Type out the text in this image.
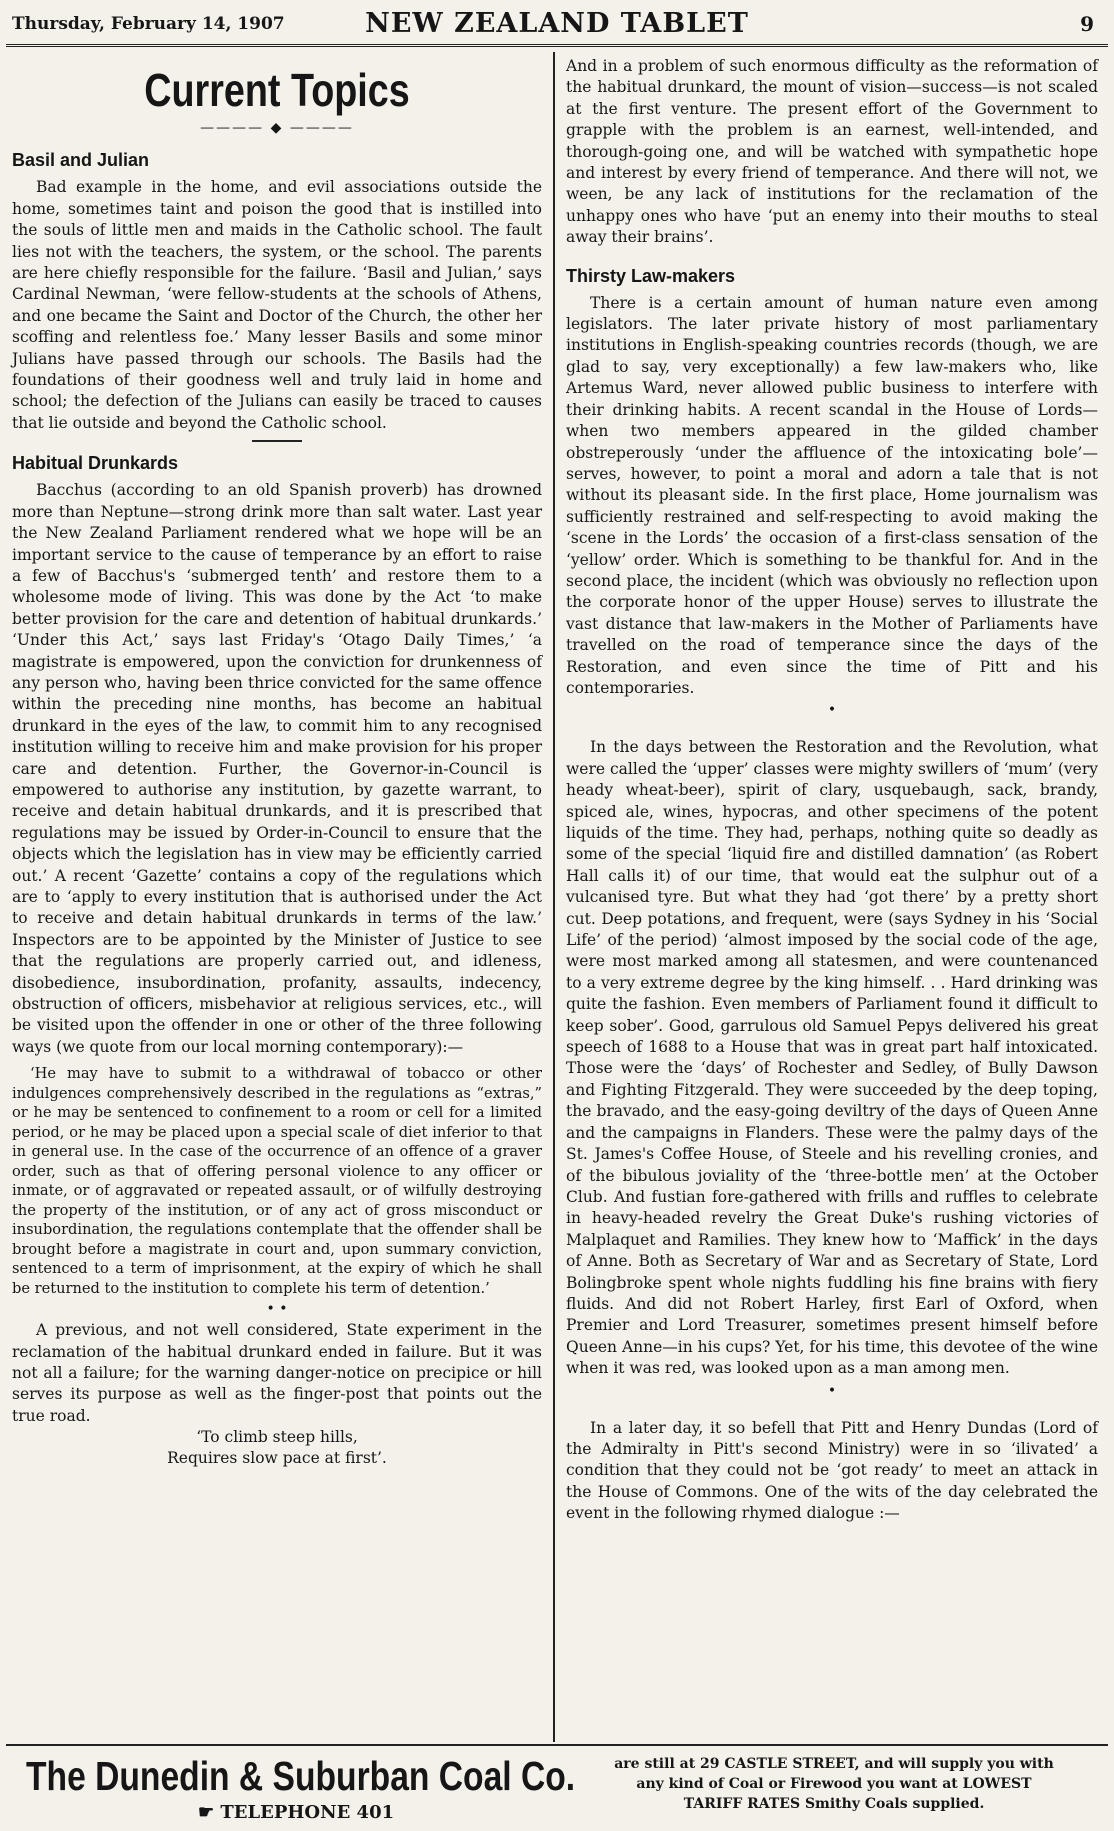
Thursday, February 14, 1907	NEW ZEALAND TABLET	9
Current Topics
———— ◆ ————
Basil and Julian

Bad example in the home, and evil associations outside the home, sometimes taint and poison the good that is instilled into the souls of little men and maids in the Catholic school. The fault lies not with the teachers, the system, or the school. The parents are here chiefly responsible for the failure. ‘Basil and Julian,’ says Cardinal Newman, ‘were fellow-students at the schools of Athens, and one became the Saint and Doctor of the Church, the other her scoffing and relentless foe.’ Many lesser Basils and some minor Julians have passed through our schools. The Basils had the foundations of their goodness well and truly laid in home and school; the defection of the Julians can easily be traced to causes that lie outside and beyond the Catholic school.

Habitual Drunkards

Bacchus (according to an old Spanish proverb) has drowned more than Neptune—strong drink more than salt water. Last year the New Zealand Parliament rendered what we hope will be an important service to the cause of temperance by an effort to raise a few of Bacchus's ‘submerged tenth’ and restore them to a wholesome mode of living. This was done by the Act ‘to make better provision for the care and detention of habitual drunkards.’ ‘Under this Act,’ says last Friday's ‘Otago Daily Times,’ ‘a magistrate is empowered, upon the conviction for drunkenness of any person who, having been thrice convicted for the same offence within the preceding nine months, has become an habitual drunkard in the eyes of the law, to commit him to any recognised institution willing to receive him and make provision for his proper care and detention. Further, the Governor-in-Council is empowered to authorise any institution, by gazette warrant, to receive and detain habitual drunkards, and it is prescribed that regulations may be issued by Order-in-Council to ensure that the objects which the legislation has in view may be efficiently carried out.’ A recent ‘Gazette’ contains a copy of the regulations which are to ‘apply to every institution that is authorised under the Act to receive and detain habitual drunkards in terms of the law.’ Inspectors are to be appointed by the Minister of Justice to see that the regulations are properly carried out, and idleness, disobedience, insubordination, profanity, assaults, indecency, obstruction of officers, misbehavior at religious services, etc., will be visited upon the offender in one or other of the three following ways (we quote from our local morning contemporary):—

‘He may have to submit to a withdrawal of tobacco or other indulgences comprehensively described in the regulations as “extras,” or he may be sentenced to confinement to a room or cell for a limited period, or he may be placed upon a special scale of diet inferior to that in general use. In the case of the occurrence of an offence of a graver order, such as that of offering personal violence to any officer or inmate, or of aggravated or repeated assault, or of wilfully destroying the property of the institution, or of any act of gross misconduct or insubordination, the regulations contemplate that the offender shall be brought before a magistrate in court and, upon summary conviction, sentenced to a term of imprisonment, at the expiry of which he shall be returned to the institution to complete his term of detention.’

• •

A previous, and not well considered, State experiment in the reclamation of the habitual drunkard ended in failure. But it was not all a failure; for the warning danger-notice on precipice or hill serves its purpose as well as the finger-post that points out the true road.

‘To climb steep hills,
Requires slow pace at first’.

And in a problem of such enormous difficulty as the reformation of the habitual drunkard, the mount of vision—success—is not scaled at the first venture. The present effort of the Government to grapple with the problem is an earnest, well-intended, and thorough-going one, and will be watched with sympathetic hope and interest by every friend of temperance. And there will not, we ween, be any lack of institutions for the reclamation of the unhappy ones who have ‘put an enemy into their mouths to steal away their brains’.

Thirsty Law-makers

There is a certain amount of human nature even among legislators. The later private history of most parliamentary institutions in English-speaking countries records (though, we are glad to say, very exceptionally) a few law-makers who, like Artemus Ward, never allowed public business to interfere with their drinking habits. A recent scandal in the House of Lords—when two members appeared in the gilded chamber obstreperously ‘under the affluence of the intoxicating bole’—serves, however, to point a moral and adorn a tale that is not without its pleasant side. In the first place, Home journalism was sufficiently restrained and self-respecting to avoid making the ‘scene in the Lords’ the occasion of a first-class sensation of the ‘yellow’ order. Which is something to be thankful for. And in the second place, the incident (which was obviously no reflection upon the corporate honor of the upper House) serves to illustrate the vast distance that law-makers in the Mother of Parliaments have travelled on the road of temperance since the days of the Restoration, and even since the time of Pitt and his contemporaries.

•

In the days between the Restoration and the Revolution, what were called the ‘upper’ classes were mighty swillers of ‘mum’ (very heady wheat-beer), spirit of clary, usquebaugh, sack, brandy, spiced ale, wines, hypocras, and other specimens of the potent liquids of the time. They had, perhaps, nothing quite so deadly as some of the special ‘liquid fire and distilled damnation’ (as Robert Hall calls it) of our time, that would eat the sulphur out of a vulcanised tyre. But what they had ‘got there’ by a pretty short cut. Deep potations, and frequent, were (says Sydney in his ‘Social Life’ of the period) ‘almost imposed by the social code of the age, were most marked among all statesmen, and were countenanced to a very extreme degree by the king himself. . . Hard drinking was quite the fashion. Even members of Parliament found it difficult to keep sober’. Good, garrulous old Samuel Pepys delivered his great speech of 1688 to a House that was in great part half intoxicated. Those were the ‘days’ of Rochester and Sedley, of Bully Dawson and Fighting Fitzgerald. They were succeeded by the deep toping, the bravado, and the easy-going deviltry of the days of Queen Anne and the campaigns in Flanders. These were the palmy days of the St. James's Coffee House, of Steele and his revelling cronies, and of the bibulous joviality of the ‘three-bottle men’ at the October Club. And fustian fore-gathered with frills and ruffles to celebrate in heavy-headed revelry the Great Duke's rushing victories of Malplaquet and Ramilies. They knew how to ‘Maffick’ in the days of Anne. Both as Secretary of War and as Secretary of State, Lord Bolingbroke spent whole nights fuddling his fine brains with fiery fluids. And did not Robert Harley, first Earl of Oxford, when Premier and Lord Treasurer, sometimes present himself before Queen Anne—in his cups? Yet, for his time, this devotee of the wine when it was red, was looked upon as a man among men.

•

In a later day, it so befell that Pitt and Henry Dundas (Lord of the Admiralty in Pitt's second Ministry) were in so ‘ilivated’ a condition that they could not be ‘got ready’ to meet an attack in the House of Commons. One of the wits of the day celebrated the event in the following rhymed dialogue :—

The Dunedin & Suburban Coal Co.
☛ TELEPHONE 401
are still at 29 CASTLE STREET, and will supply you with
any kind of Coal or Firewood you want at LOWEST
TARIFF RATES Smithy Coals supplied.
